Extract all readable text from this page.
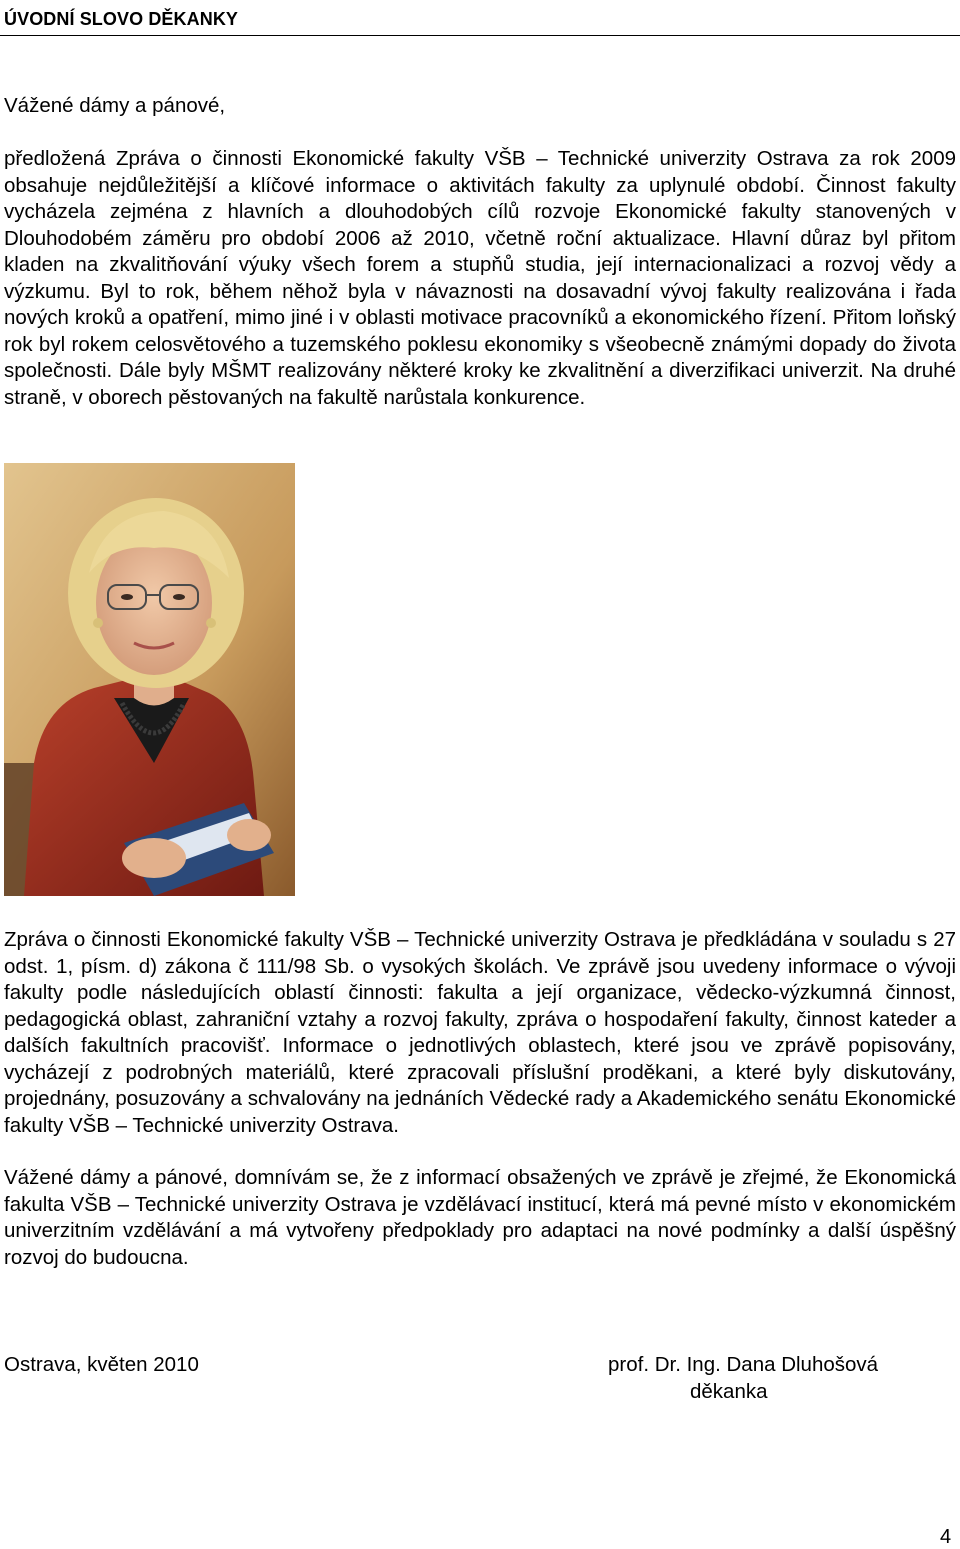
ÚVODNÍ SLOVO DĚKANKY
Vážené dámy a pánové,

předložená Zpráva o činnosti Ekonomické fakulty VŠB – Technické univerzity Ostrava za rok 2009 obsahuje nejdůležitější a klíčové informace o aktivitách fakulty za uplynulé období. Činnost fakulty vycházela zejména z hlavních a dlouhodobých cílů rozvoje Ekonomické fakulty stanovených v Dlouhodobém záměru pro období 2006 až 2010, včetně roční aktualizace. Hlavní důraz byl přitom kladen na zkvalitňování výuky všech forem a stupňů studia, její internacionalizaci a rozvoj vědy a výzkumu. Byl to rok, během něhož byla v návaznosti na dosavadní vývoj fakulty realizována i řada nových kroků a opatření, mimo jiné i v oblasti motivace pracovníků a ekonomického řízení. Přitom loňský rok byl rokem celosvětového a tuzemského poklesu ekonomiky s všeobecně známými dopady do života společnosti. Dále byly MŠMT realizovány některé kroky ke zkvalitnění a diverzifikaci univerzit. Na druhé straně, v oborech pěstovaných na fakultě narůstala konkurence.

Zpráva o činnosti Ekonomické fakulty VŠB – Technické univerzity Ostrava je předkládána v souladu s 27 odst. 1, písm. d) zákona č 111/98 Sb. o vysokých školách. Ve zprávě jsou uvedeny informace o vývoji fakulty podle následujících oblastí činnosti: fakulta a její organizace, vědecko-výzkumná činnost, pedagogická oblast, zahraniční vztahy a rozvoj fakulty, zpráva o hospodaření fakulty, činnost kateder a dalších fakultních pracovišť. Informace o jednotlivých oblastech, které jsou ve zprávě popisovány, vycházejí z podrobných materiálů, které zpracovali příslušní proděkani, a které byly diskutovány, projednány, posuzovány a schvalovány na jednáních Vědecké rady a Akademického senátu Ekonomické fakulty VŠB – Technické univerzity Ostrava.

Vážené dámy a pánové, domnívám se, že z informací obsažených ve zprávě je zřejmé, že Ekonomická fakulta VŠB – Technické univerzity Ostrava je vzdělávací institucí, která má pevné místo v ekonomickém univerzitním vzdělávání a má vytvořeny předpoklady pro adaptaci na nové podmínky a další úspěšný rozvoj do budoucna.

Ostrava, květen 2010	prof. Dr. Ing. Dana Dluhošová
děkanka
4
